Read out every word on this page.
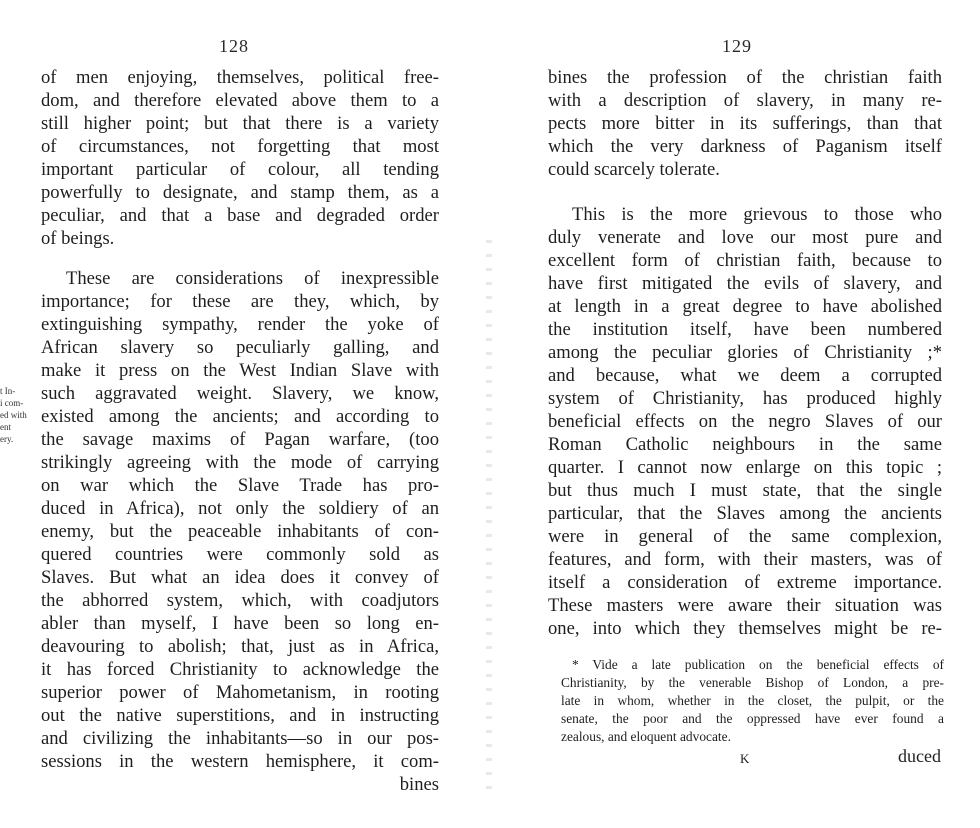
128
t In-
i com-
ed with
ent
ery.
of men enjoying, themselves, political free-
dom, and therefore elevated above them to a
still higher point; but that there is a variety
of circumstances, not forgetting that most
important particular of colour, all tending
powerfully to designate, and stamp them, as a
peculiar, and that a base and degraded order
of beings.
These are considerations of inexpressible
importance; for these are they, which, by
extinguishing sympathy, render the yoke of
African slavery so peculiarly galling, and
make it press on the West Indian Slave with
such aggravated weight. Slavery, we know,
existed among the ancients; and according to
the savage maxims of Pagan warfare, (too
strikingly agreeing with the mode of carrying
on war which the Slave Trade has pro-
duced in Africa), not only the soldiery of an
enemy, but the peaceable inhabitants of con-
quered countries were commonly sold as
Slaves. But what an idea does it convey of
the abhorred system, which, with coadjutors
abler than myself, I have been so long en-
deavouring to abolish; that, just as in Africa,
it has forced Christianity to acknowledge the
superior power of Mahometanism, in rooting
out the native superstitions, and in instructing
and civilizing the inhabitants—so in our pos-
sessions in the western hemisphere, it com-
bines
129
bines the profession of the christian faith
with a description of slavery, in many re-
pects more bitter in its sufferings, than that
which the very darkness of Paganism itself
could scarcely tolerate.
This is the more grievous to those who
duly venerate and love our most pure and
excellent form of christian faith, because to
have first mitigated the evils of slavery, and
at length in a great degree to have abolished
the institution itself, have been numbered
among the peculiar glories of Christianity ;*
and because, what we deem a corrupted
system of Christianity, has produced highly
beneficial effects on the negro Slaves of our
Roman Catholic neighbours in the same
quarter. I cannot now enlarge on this topic ;
but thus much I must state, that the single
particular, that the Slaves among the ancients
were in general of the same complexion,
features, and form, with their masters, was of
itself a consideration of extreme importance.
These masters were aware their situation was
one, into which they themselves might be re-
* Vide a late publication on the beneficial effects of
Christianity, by the venerable Bishop of London, a pre-
late in whom, whether in the closet, the pulpit, or the
senate, the poor and the oppressed have ever found a
zealous, and eloquent advocate.
K	duced
